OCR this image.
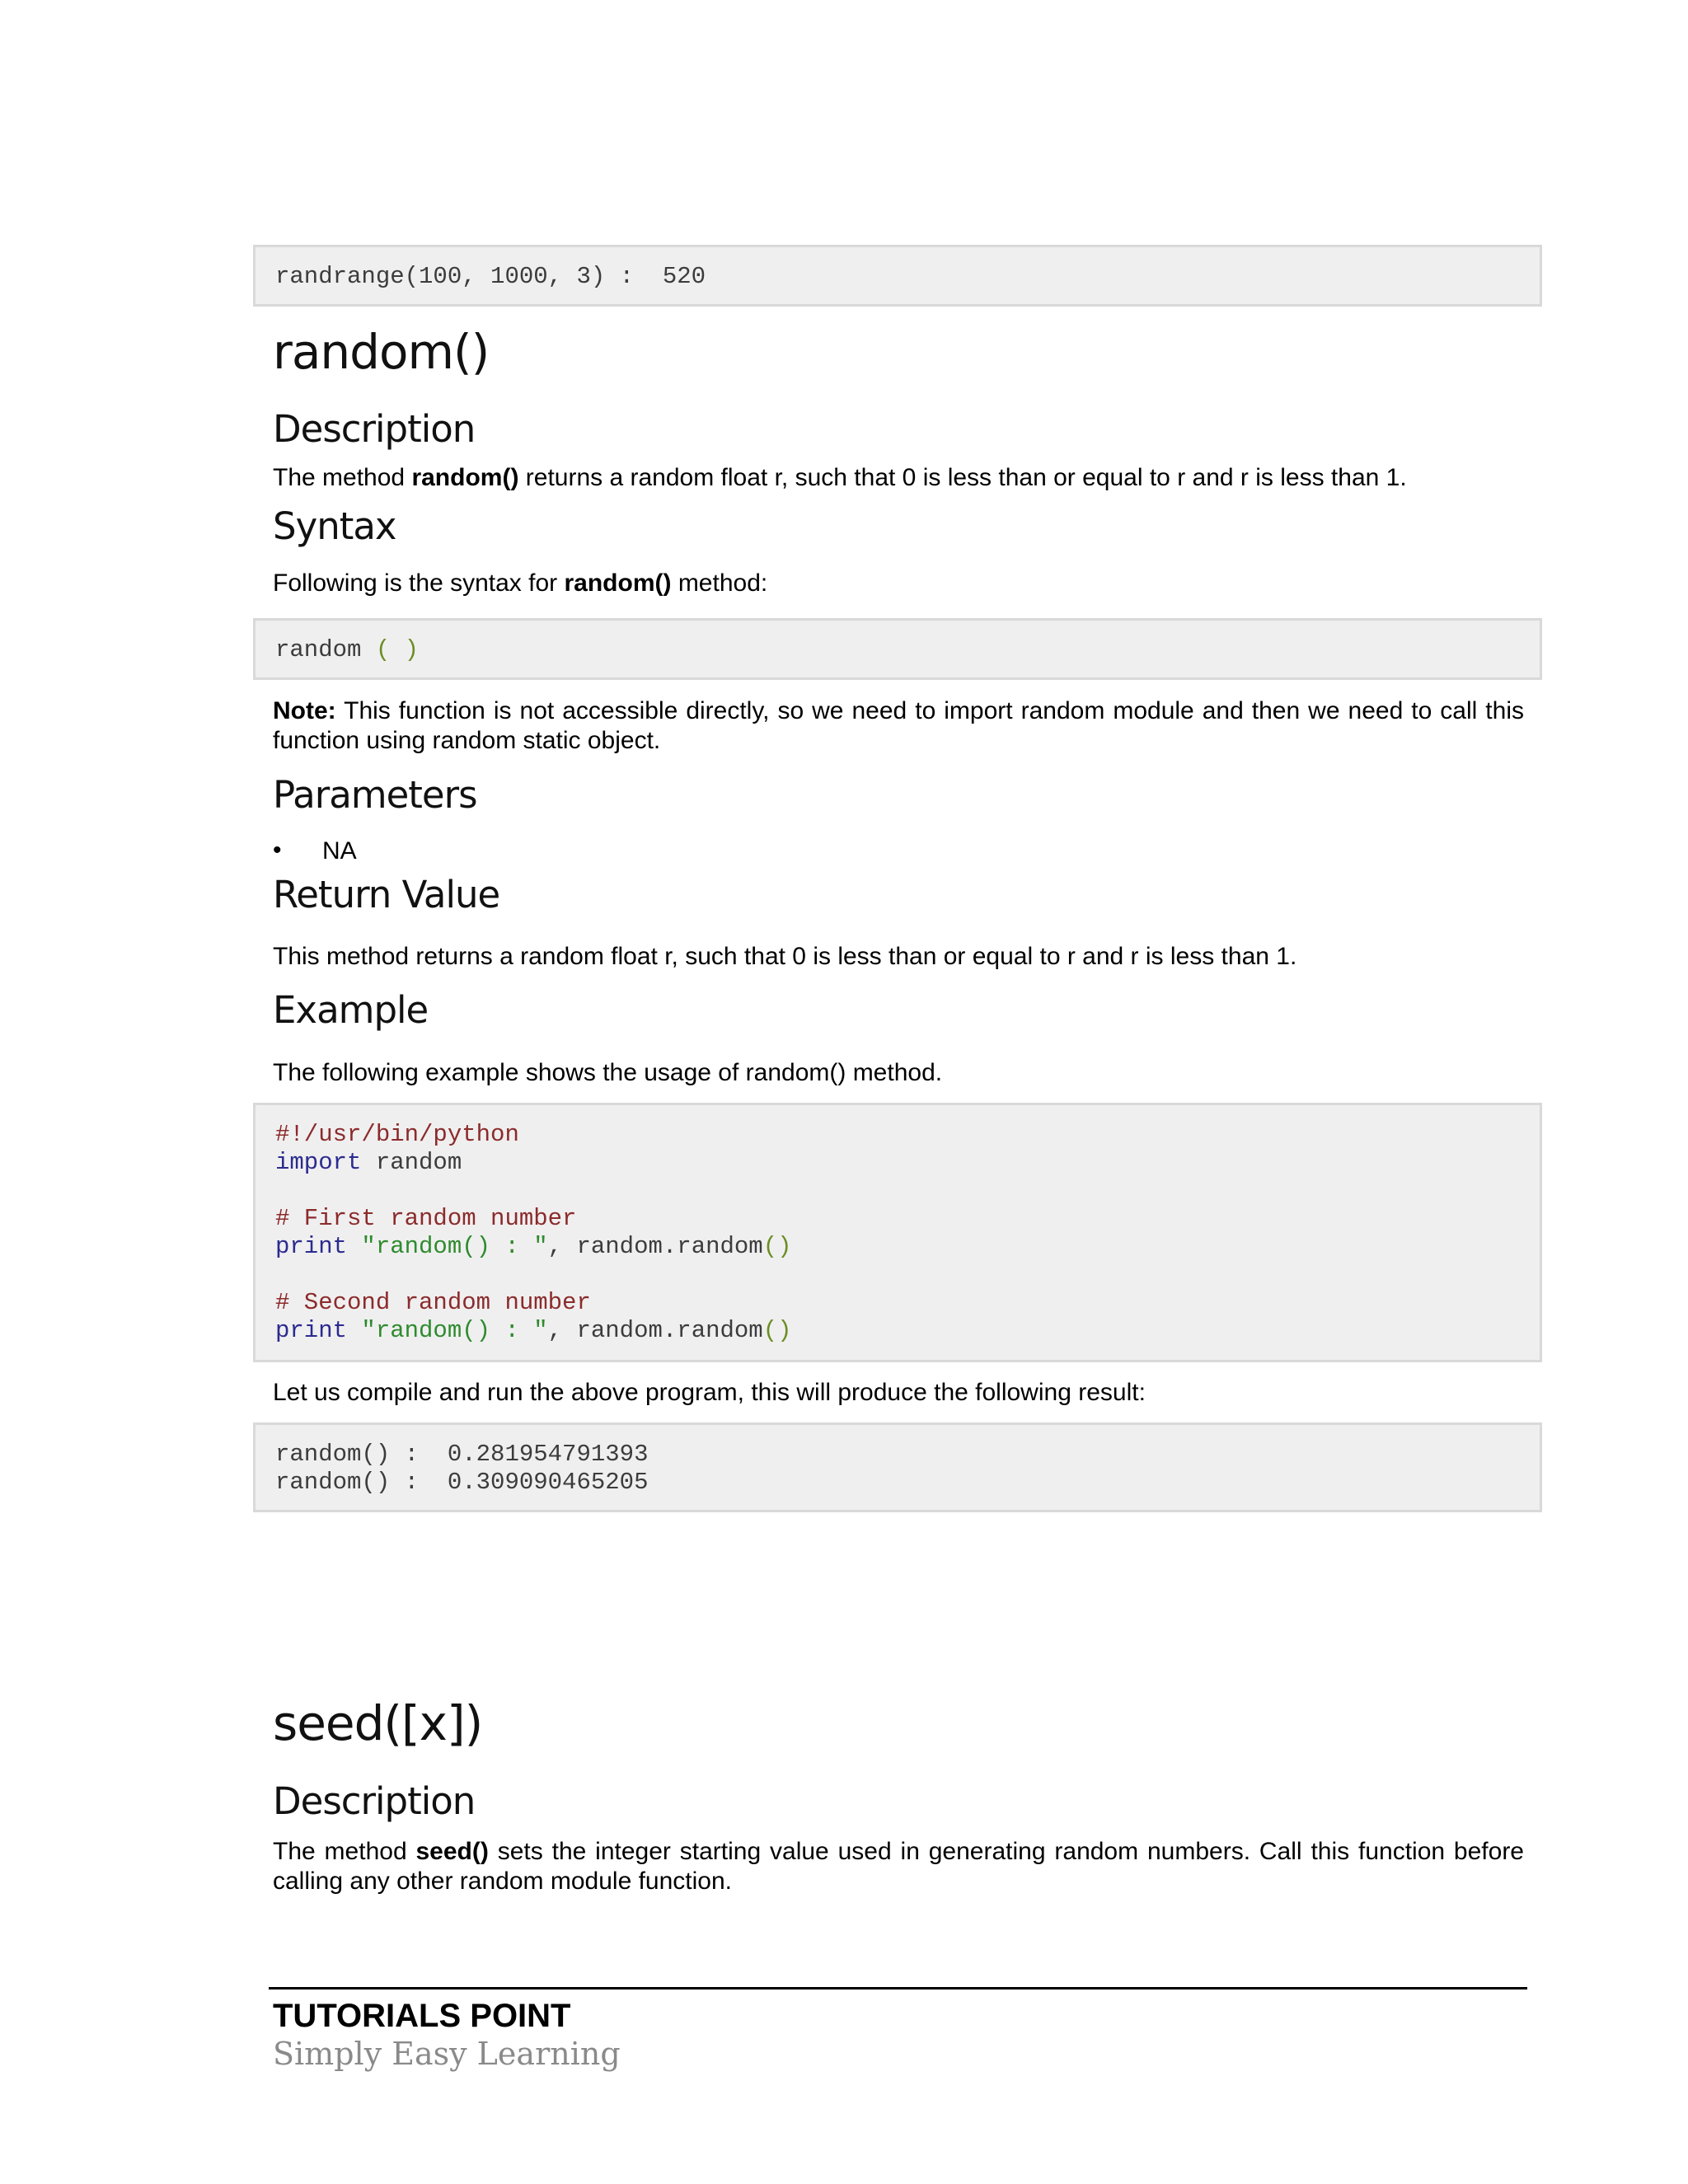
randrange(100, 1000, 3) :  520
random()
Description
The method random() returns a random float r, such that 0 is less than or equal to r and r is less than 1.
Syntax
Following is the syntax for random() method:
random ( )
Note: This function is not accessible directly, so we need to import random module and then we need to call this function using random static object.
Parameters
• NA
Return Value
This method returns a random float r, such that 0 is less than or equal to r and r is less than 1.
Example
The following example shows the usage of random() method.
#!/usr/bin/python
import random

# First random number
print "random() : ", random.random()

# Second random number
print "random() : ", random.random()
Let us compile and run the above program, this will produce the following result:
random() :  0.281954791393
random() :  0.309090465205
seed([x])
Description
The method seed() sets the integer starting value used in generating random numbers. Call this function before calling any other random module function.
TUTORIALS POINT
Simply Easy Learning
